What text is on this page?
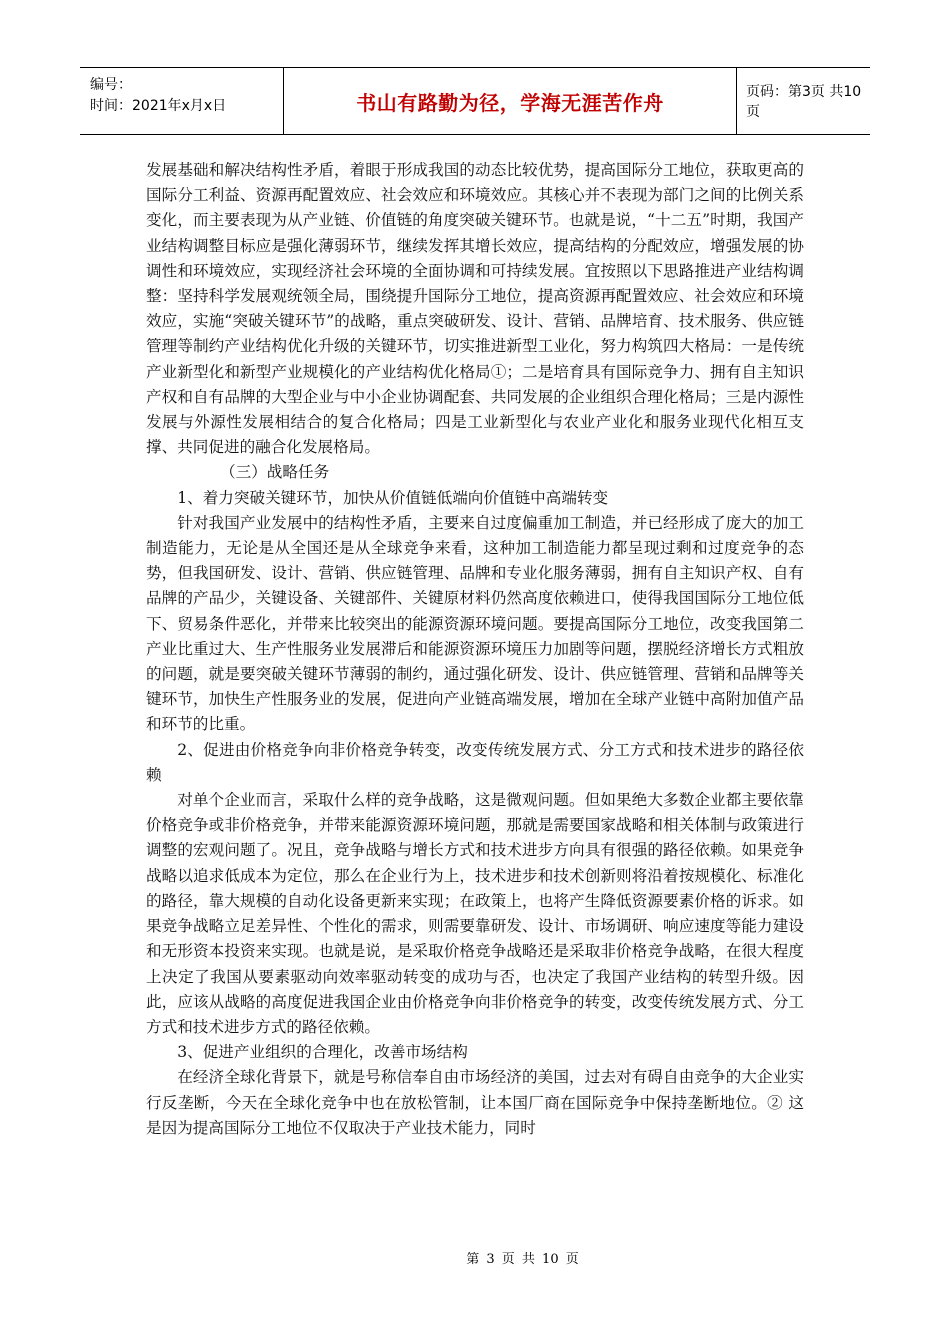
编号：
时间：2021年x月x日	书山有路勤为径，学海无涯苦作舟	页码：第3页 共10页

发展基础和解决结构性矛盾，着眼于形成我国的动态比较优势，提高国际分工地位，获取更高的国际分工利益、资源再配置效应、社会效应和环境效应。其核心并不表现为部门之间的比例关系变化，而主要表现为从产业链、价值链的角度突破关键环节。也就是说，“十二五”时期，我国产业结构调整目标应是强化薄弱环节，继续发挥其增长效应，提高结构的分配效应，增强发展的协调性和环境效应，实现经济社会环境的全面协调和可持续发展。宜按照以下思路推进产业结构调整：坚持科学发展观统领全局，围绕提升国际分工地位，提高资源再配置效应、社会效应和环境效应，实施“突破关键环节”的战略，重点突破研发、设计、营销、品牌培育、技术服务、供应链管理等制约产业结构优化升级的关键环节，切实推进新型工业化，努力构筑四大格局：一是传统产业新型化和新型产业规模化的产业结构优化格局①；二是培育具有国际竞争力、拥有自主知识产权和自有品牌的大型企业与中小企业协调配套、共同发展的企业组织合理化格局；三是内源性发展与外源性发展相结合的复合化格局；四是工业新型化与农业产业化和服务业现代化相互支撑、共同促进的融合化发展格局。

（三）战略任务

1、着力突破关键环节，加快从价值链低端向价值链中高端转变

针对我国产业发展中的结构性矛盾，主要来自过度偏重加工制造，并已经形成了庞大的加工制造能力，无论是从全国还是从全球竞争来看，这种加工制造能力都呈现过剩和过度竞争的态势，但我国研发、设计、营销、供应链管理、品牌和专业化服务薄弱，拥有自主知识产权、自有品牌的产品少，关键设备、关键部件、关键原材料仍然高度依赖进口，使得我国国际分工地位低下、贸易条件恶化，并带来比较突出的能源资源环境问题。要提高国际分工地位，改变我国第二产业比重过大、生产性服务业发展滞后和能源资源环境压力加剧等问题，摆脱经济增长方式粗放的问题，就是要突破关键环节薄弱的制约，通过强化研发、设计、供应链管理、营销和品牌等关键环节，加快生产性服务业的发展，促进向产业链高端发展，增加在全球产业链中高附加值产品和环节的比重。

2、促进由价格竞争向非价格竞争转变，改变传统发展方式、分工方式和技术进步的路径依赖

对单个企业而言，采取什么样的竞争战略，这是微观问题。但如果绝大多数企业都主要依靠价格竞争或非价格竞争，并带来能源资源环境问题，那就是需要国家战略和相关体制与政策进行调整的宏观问题了。况且，竞争战略与增长方式和技术进步方向具有很强的路径依赖。如果竞争战略以追求低成本为定位，那么在企业行为上，技术进步和技术创新则将沿着按规模化、标准化的路径，靠大规模的自动化设备更新来实现；在政策上，也将产生降低资源要素价格的诉求。如果竞争战略立足差异性、个性化的需求，则需要靠研发、设计、市场调研、响应速度等能力建设和无形资本投资来实现。也就是说，是采取价格竞争战略还是采取非价格竞争战略，在很大程度上决定了我国从要素驱动向效率驱动转变的成功与否，也决定了我国产业结构的转型升级。因此，应该从战略的高度促进我国企业由价格竞争向非价格竞争的转变，改变传统发展方式、分工方式和技术进步方式的路径依赖。

3、促进产业组织的合理化，改善市场结构

在经济全球化背景下，就是号称信奉自由市场经济的美国，过去对有碍自由竞争的大企业实行反垄断，今天在全球化竞争中也在放松管制，让本国厂商在国际竞争中保持垄断地位。② 这是因为提高国际分工地位不仅取决于产业技术能力，同时

第 3 页 共 10 页
